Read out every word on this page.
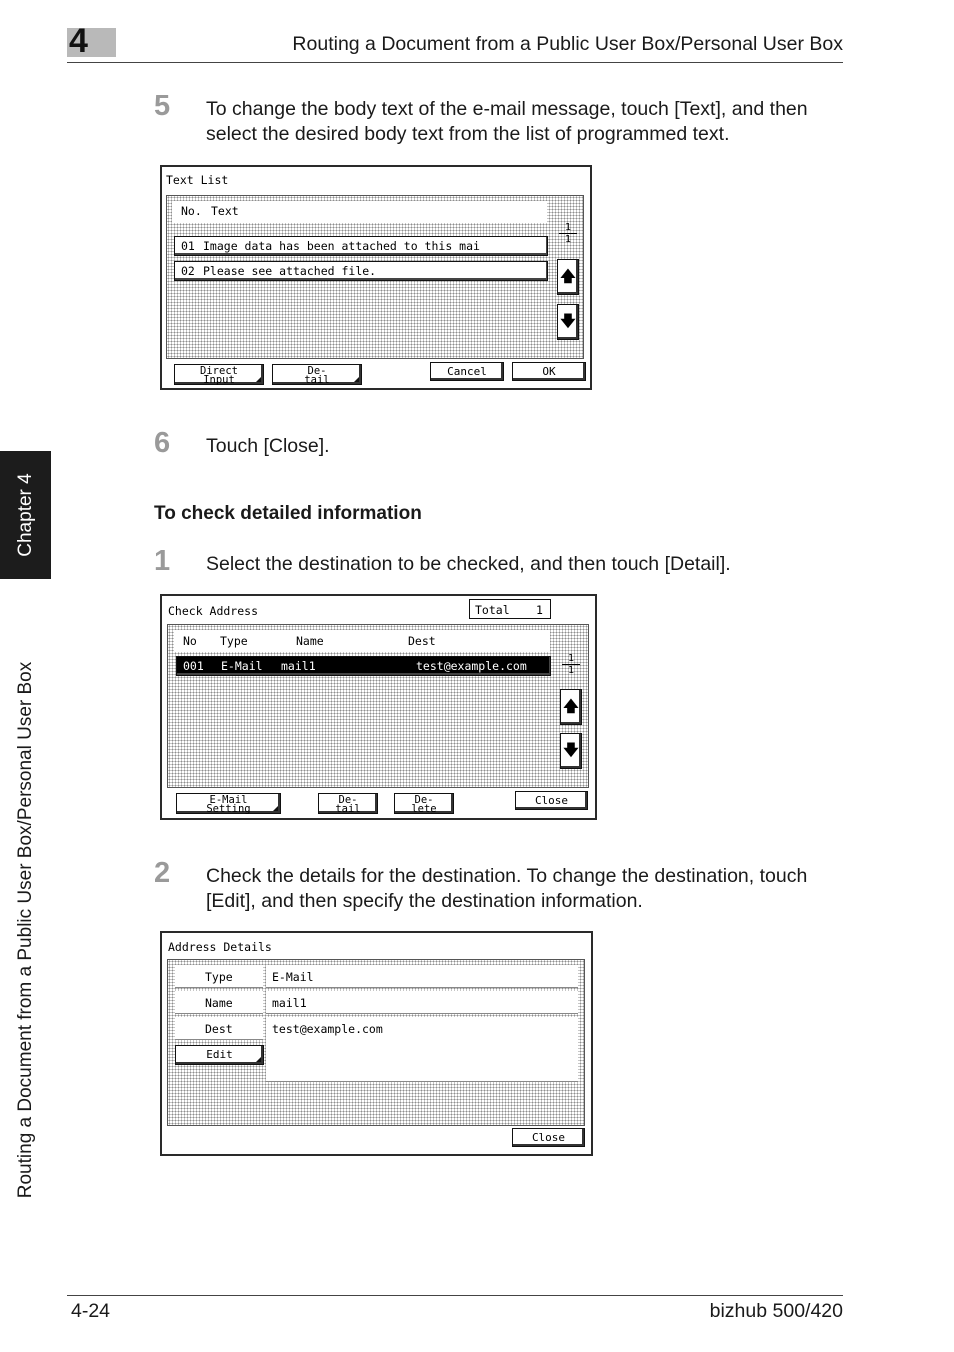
4	Routing a Document from a Public User Box/Personal User Box
Chapter 4
Routing a Document from a Public User Box/Personal User Box
5 To change the body text of the e-mail message, touch [Text], and then select the desired body text from the list of programmed text.
Text List
No. Text
01 Image data has been attached to this mai
02 Please see attached file.
1
1
🡅
🡇
Direct
Input
De-
tail
Cancel	OK
6 Touch [Close].
To check detailed information
1 Select the destination to be checked, and then touch [Detail].
Check Address	Total 1
No Type	Name	Dest
001 E-Mail mail1	test@example.com
1
1
🡅
🡇
E-Mail
Setting
De-
tail
De-
lete
Close
2 Check the details for the destination. To change the destination, touch [Edit], and then specify the destination information.
Address Details
Type	E-Mail
Name	mail1
Dest	test@example.com
Edit
Close
4-24	bizhub 500/420
